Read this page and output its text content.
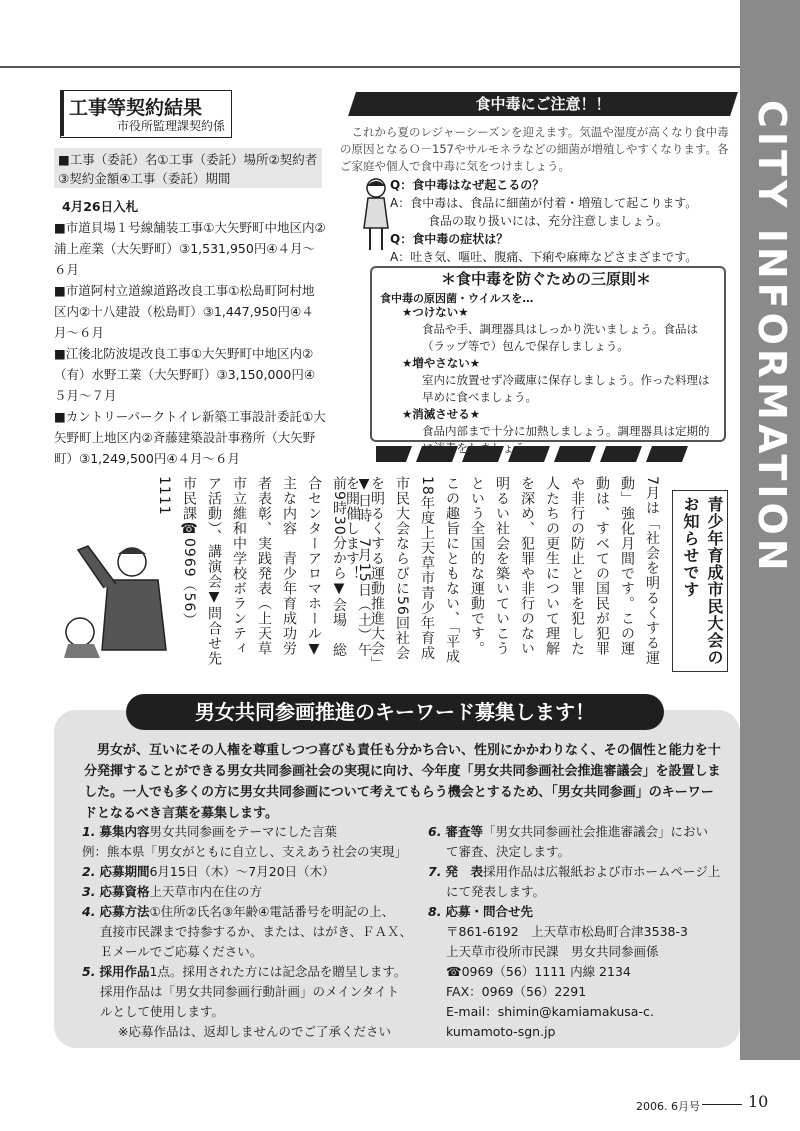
CITY INFORMATION
工事等契約結果
市役所監理課契約係

■工事（委託）名①工事（委託）場所②契約者③契約金額④工事（委託）期間

4月26日入札

■市道貝場１号線舗装工事①大矢野町中地区内②浦上産業（大矢野町）③1,531,950円④４月〜６月

■市道阿村立道線道路改良工事①松島町阿村地区内②十八建設（松島町）③1,447,950円④４月〜６月

■江後北防波堤改良工事①大矢野町中地区内②（有）水野工業（大矢野町）③3,150,000円④５月〜７月

■カントリーパークトイレ新築工事設計委託①大矢野町上地区内②斉藤建築設計事務所（大矢野町）③1,249,500円④４月〜６月

食中毒にご注意！！
これから夏のレジャーシーズンを迎えます。気温や湿度が高くなり食中毒の原因となるＯ－157やサルモネラなどの細菌が増殖しやすくなります。各ご家庭や個人で食中毒に気をつけましょう。
Q：食中毒はなぜ起こるの？
A：食中毒は、食品に細菌が付着・増殖して起こります。
食品の取り扱いには、充分注意しましょう。
Q：食中毒の症状は？
A：吐き気、嘔吐、腹痛、下痢や麻痺などさまざまです。
＊食中毒を防ぐための三原則＊
食中毒の原因菌・ウイルスを…
★つけない★
食品や手、調理器具はしっかり洗いましょう。食品は（ラップ等で）包んで保存しましょう。
★増やさない★
室内に放置せず冷蔵庫に保存しましょう。作った料理は早めに食べましょう。
★消滅させる★
食品内部まで十分に加熱しましょう。調理器具は定期的 を ましょう。
青少年育成市民大会のお知らせです
7月は「社会を明るくする運動」強化月間です。この運動は、すべての国民が犯罪や非行の防止と罪を犯した人たちの更生について理解を深め、犯罪や非行のない明るい社会を築いていこうという全国的な運動です。この趣旨にともない、「平成18年度上天草市青少年育成市民大会ならびに56回社会を明るくする運動推進大会」を開催します！
▼日時　7月15日（土）午前9時30分から▼会場　総合センターアロマホール▼主な内容　青少年育成功労者表彰、実践発表（上天草市立維和中学校ボランティア活動）、講演会▼問合せ先　市民課☎0969（56）1111
男女共同参画推進のキーワード募集します！
男女が、互いにその人権を尊重しつつ喜びも責任も分かち合い、性別にかかわりなく、その個性と能力を十分発揮することができる男女共同参画社会の実現に向け、今年度「男女共同参画社会推進審議会」を設置しました。一人でも多くの方に男女共同参画について考えてもらう機会とするため、「男女共同参画」のキーワードとなるべき言葉を募集します。
1. 募集内容男女共同参画をテーマにした言葉
例：熊本県「男女がともに自立し、支えあう社会の実現」
2. 応募期間6月15日（木）〜7月20日（木）
3. 応募資格上天草市内在住の方
4. 応募方法①住所②氏名③年齢④電話番号を明記の上、
直接市民課まで持参するか、または、はがき、ＦＡＸ、
Ｅメールでご応募ください。
5. 採用作品1点。採用された方には記念品を贈呈します。
採用作品は「男女共同参画行動計画」のメインタイト
ルとして使用します。
※応募作品は、返却しませんのでご了承ください
6. 審査等「男女共同参画社会推進審議会」におい
て審査、決定します。
7. 発　表採用作品は広報紙および市ホームページ上
にて発表します。
8. 応募・問合せ先
〒861-6192　上天草市松島町合津3538-3
上天草市役所市民課　男女共同参画係
☎0969（56）1111 内線 2134
FAX：0969（56）2291
E-mail：shimin@kamiamakusa-c.
kumamoto-sgn.jp
2006. 6月号	10
